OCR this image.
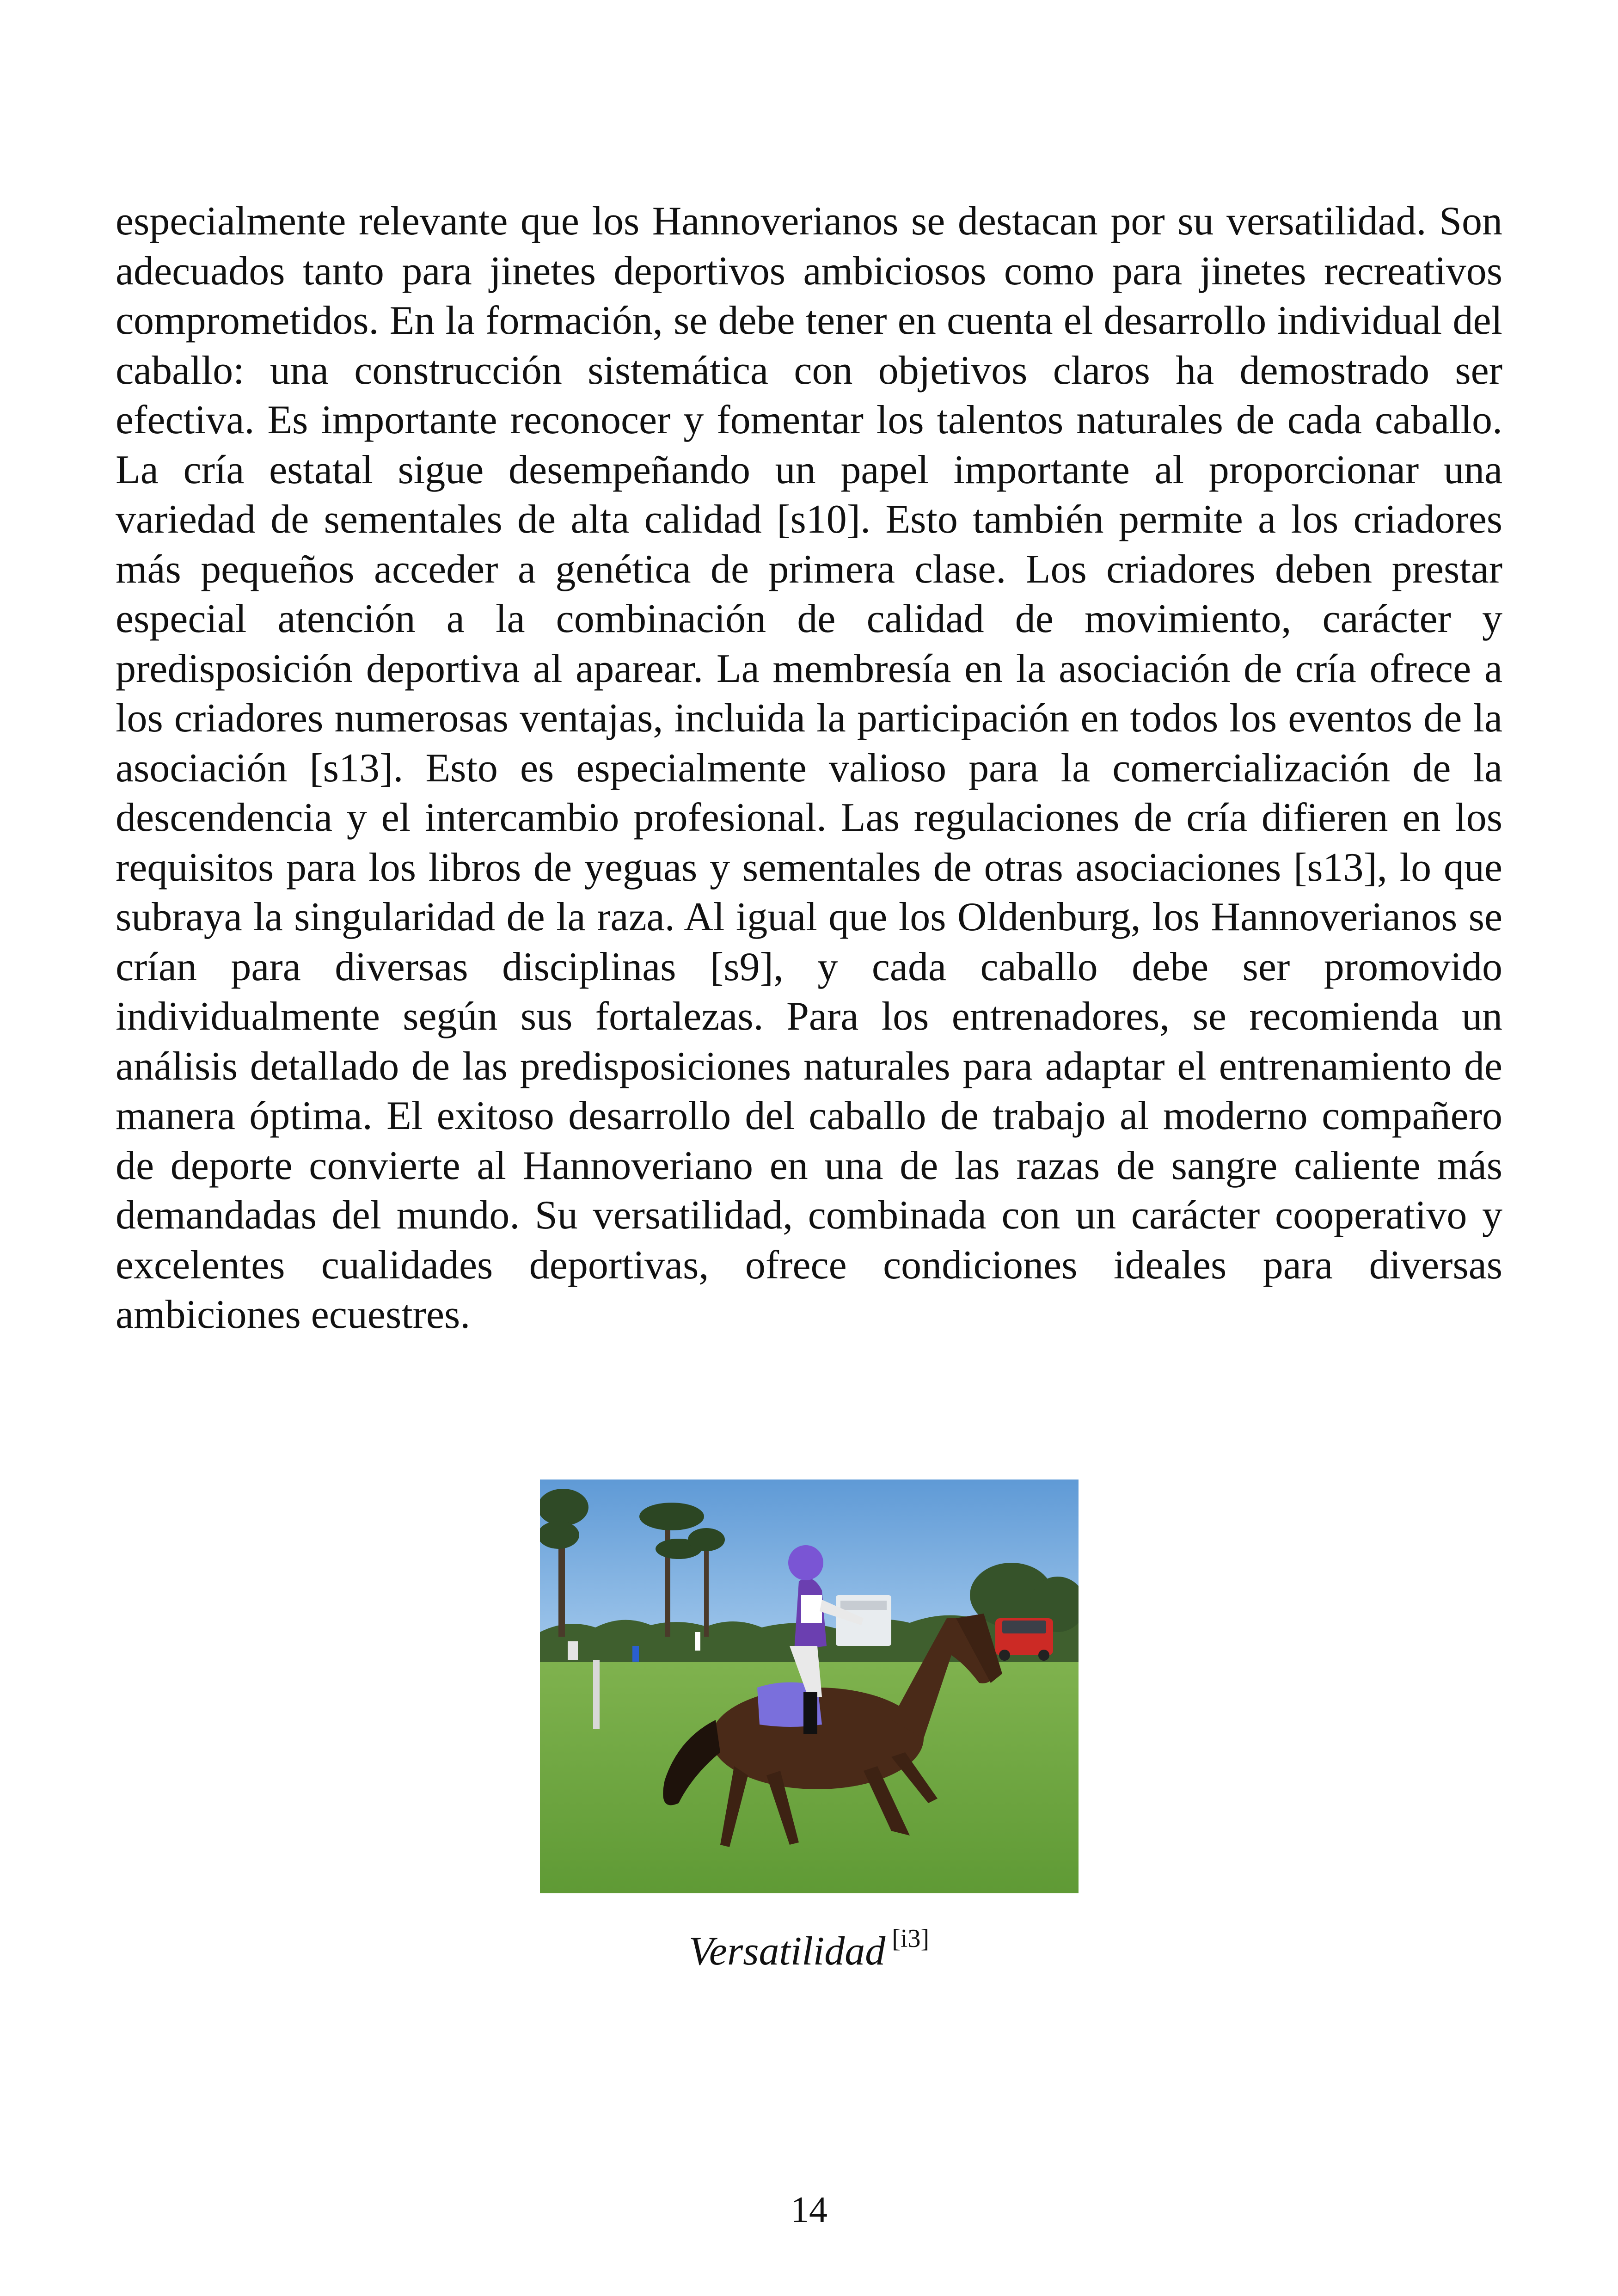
especialmente relevante que los Hannoverianos se destacan por su versatilidad. Son adecuados tanto para jinetes deportivos ambiciosos como para jinetes recreativos comprometidos. En la formación, se debe tener en cuenta el desarrollo individual del caballo: una construcción sistemática con objetivos claros ha demostrado ser efectiva. Es importante reconocer y fomentar los talentos naturales de cada caballo. La cría estatal sigue desempeñando un papel importante al proporcionar una variedad de sementales de alta calidad [s10]. Esto también permite a los criadores más pequeños acceder a genética de primera clase. Los criadores deben prestar especial atención a la combinación de calidad de movimiento, carácter y predisposición deportiva al aparear. La membresía en la asociación de cría ofrece a los criadores numerosas ventajas, incluida la participación en todos los eventos de la asociación [s13]. Esto es especialmente valioso para la comercialización de la descendencia y el intercambio profesional. Las regulaciones de cría difieren en los requisitos para los libros de yeguas y sementales de otras asociaciones [s13], lo que subraya la singularidad de la raza. Al igual que los Oldenburg, los Hannoverianos se crían para diversas disciplinas [s9], y cada caballo debe ser promovido individualmente según sus fortalezas. Para los entrenadores, se recomienda un análisis detallado de las predisposiciones naturales para adaptar el entrenamiento de manera óptima. El exitoso desarrollo del caballo de trabajo al moderno compañero de deporte convierte al Hannoveriano en una de las razas de sangre caliente más demandadas del mundo. Su versatilidad, combinada con un carácter cooperativo y excelentes cualidades deportivas, ofrece condiciones ideales para diversas ambiciones ecuestres.

Versatilidad [i3]
14
